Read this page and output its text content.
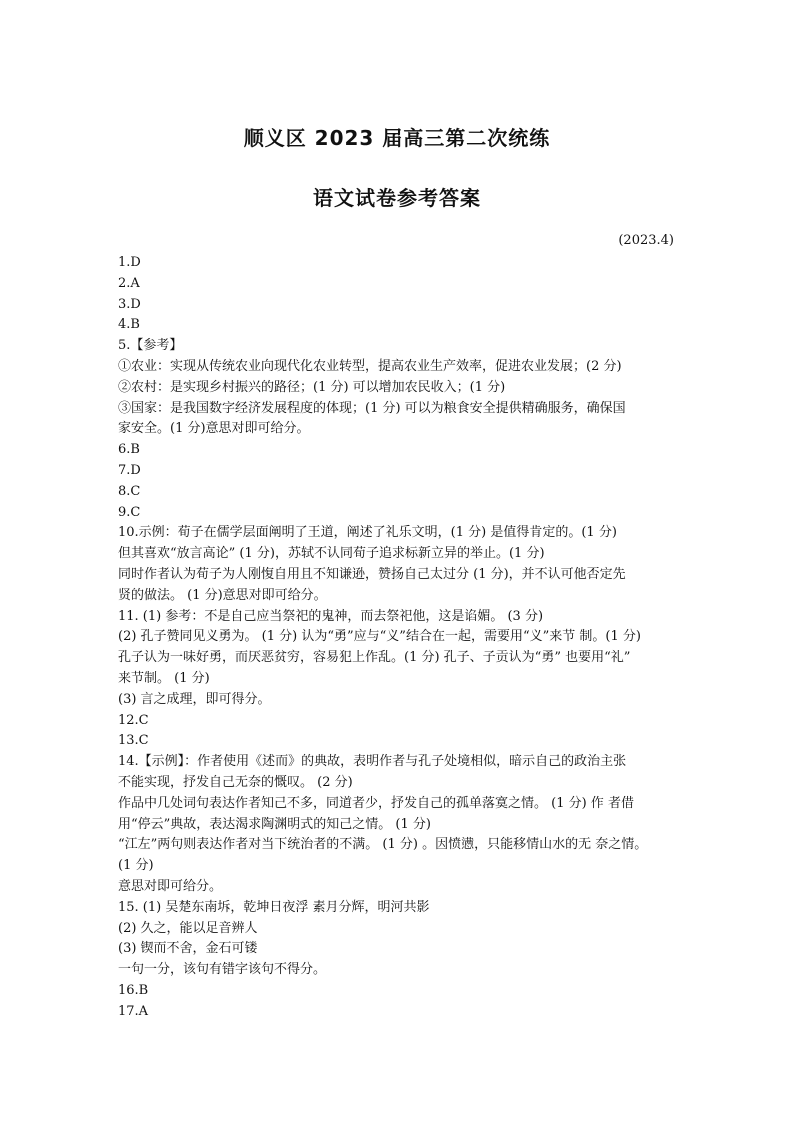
顺义区 2023 届高三第二次统练
语文试卷参考答案
(2023.4)

1.D

2.A

3.D

4.B

5.【参考】

①农业：实现从传统农业向现代化农业转型，提高农业生产效率，促进农业发展；(2 分)

②农村：是实现乡村振兴的路径；(1 分) 可以增加农民收入；(1 分)

③国家：是我国数字经济发展程度的体现；(1 分) 可以为粮食安全提供精确服务，确保国

家安全。(1 分)意思对即可给分。

6.B

7.D

8.C

9.C

10.示例：荀子在儒学层面阐明了王道，阐述了礼乐文明，(1 分) 是值得肯定的。(1 分)

但其喜欢“放言高论” (1 分)，苏轼不认同荀子追求标新立异的举止。(1 分)

同时作者认为荀子为人刚愎自用且不知谦逊，赞扬自己太过分 (1 分)，并不认可他否定先

贤的做法。 (1 分)意思对即可给分。

11. (1) 参考：不是自己应当祭祀的鬼神，而去祭祀他，这是谄媚。 (3 分)

(2) 孔子赞同见义勇为。 (1 分) 认为“勇”应与“义”结合在一起，需要用“义”来节 制。(1 分)

孔子认为一味好勇，而厌恶贫穷，容易犯上作乱。(1 分) 孔子、子贡认为“勇” 也要用“礼”

来节制。 (1 分)

(3) 言之成理，即可得分。

12.C

13.C

14.【示例】：作者使用《述而》的典故，表明作者与孔子处境相似，暗示自己的政治主张

不能实现，抒发自己无奈的慨叹。 (2 分)

作品中几处词句表达作者知己不多，同道者少，抒发自己的孤单落寞之情。 (1 分) 作 者借

用“停云”典故，表达渴求陶渊明式的知己之情。 (1 分)

“江左”两句则表达作者对当下统治者的不满。 (1 分) 。因愤懑，只能移情山水的无 奈之情。

(1 分)

意思对即可给分。

15. (1) 吴楚东南坼，乾坤日夜浮 素月分辉，明河共影

(2) 久之，能以足音辨人

(3) 锲而不舍，金石可镂

一句一分，该句有错字该句不得分。

16.B

17.A
